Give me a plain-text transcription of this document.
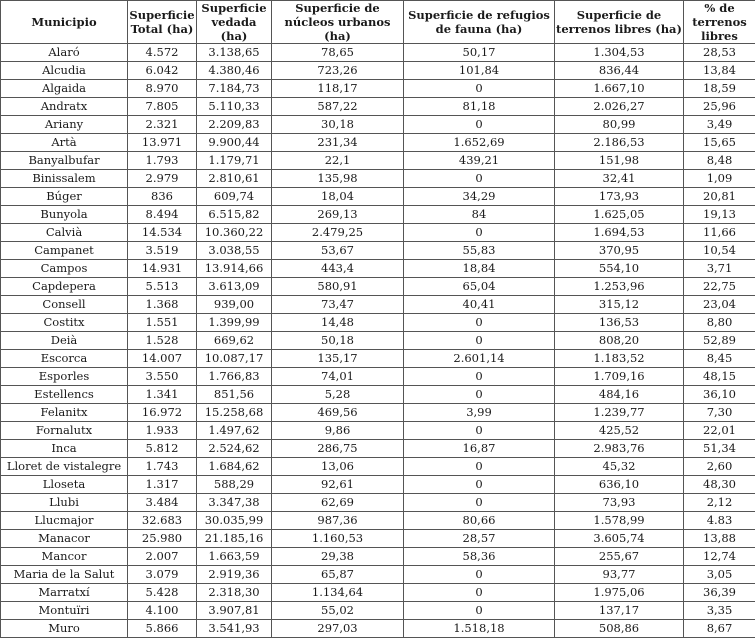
Municipio	Superficie Total (ha)	Superficie vedada (ha)	Superficie de núcleos urbanos (ha)	Superficie de refugios de fauna (ha)	Superficie de terrenos libres (ha)	% de terrenos libres
Alaró	4.572	3.138,65	78,65	50,17	1.304,53	28,53
Alcudia	6.042	4.380,46	723,26	101,84	836,44	13,84
Algaida	8.970	7.184,73	118,17	0	1.667,10	18,59
Andratx	7.805	5.110,33	587,22	81,18	2.026,27	25,96
Ariany	2.321	2.209,83	30,18	0	80,99	3,49
Artà	13.971	9.900,44	231,34	1.652,69	2.186,53	15,65
Banyalbufar	1.793	1.179,71	22,1	439,21	151,98	8,48
Binissalem	2.979	2.810,61	135,98	0	32,41	1,09
Búger	836	609,74	18,04	34,29	173,93	20,81
Bunyola	8.494	6.515,82	269,13	84	1.625,05	19,13
Calvià	14.534	10.360,22	2.479,25	0	1.694,53	11,66
Campanet	3.519	3.038,55	53,67	55,83	370,95	10,54
Campos	14.931	13.914,66	443,4	18,84	554,10	3,71
Capdepera	5.513	3.613,09	580,91	65,04	1.253,96	22,75
Consell	1.368	939,00	73,47	40,41	315,12	23,04
Costitx	1.551	1.399,99	14,48	0	136,53	8,80
Deià	1.528	669,62	50,18	0	808,20	52,89
Escorca	14.007	10.087,17	135,17	2.601,14	1.183,52	8,45
Esporles	3.550	1.766,83	74,01	0	1.709,16	48,15
Estellencs	1.341	851,56	5,28	0	484,16	36,10
Felanitx	16.972	15.258,68	469,56	3,99	1.239,77	7,30
Fornalutx	1.933	1.497,62	9,86	0	425,52	22,01
Inca	5.812	2.524,62	286,75	16,87	2.983,76	51,34
Lloret de vistalegre	1.743	1.684,62	13,06	0	45,32	2,60
Lloseta	1.317	588,29	92,61	0	636,10	48,30
Llubi	3.484	3.347,38	62,69	0	73,93	2,12
Llucmajor	32.683	30.035,99	987,36	80,66	1.578,99	4.83
Manacor	25.980	21.185,16	1.160,53	28,57	3.605,74	13,88
Mancor	2.007	1.663,59	29,38	58,36	255,67	12,74
Maria de la Salut	3.079	2.919,36	65,87	0	93,77	3,05
Marratxí	5.428	2.318,30	1.134,64	0	1.975,06	36,39
Montuïri	4.100	3.907,81	55,02	0	137,17	3,35
Muro	5.866	3.541,93	297,03	1.518,18	508,86	8,67
